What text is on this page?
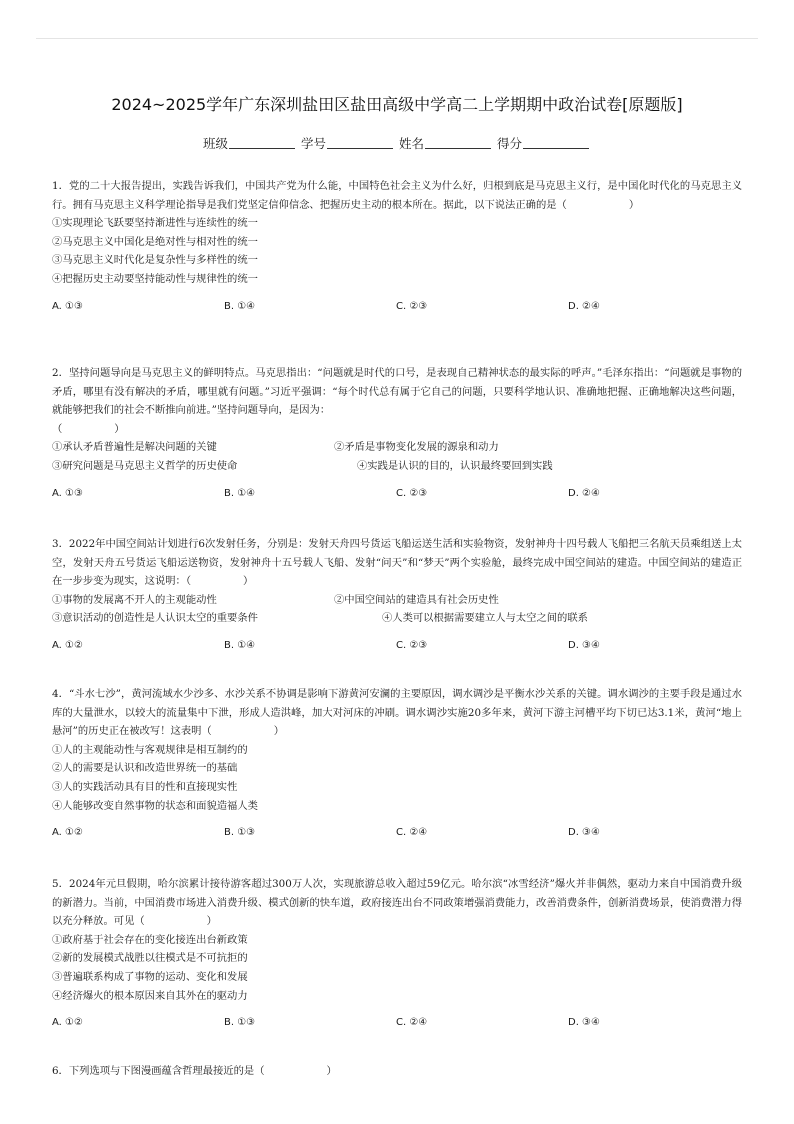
2024~2025学年广东深圳盐田区盐田高级中学高二上学期期中政治试卷[原题版]
班级	学号	姓名	得分

1．党的二十大报告提出，实践告诉我们，中国共产党为什么能，中国特色社会主义为什么好，归根到底是马克思主义行，是中国化时代化的马克思主义行。拥有马克思主义科学理论指导是我们党坚定信仰信念、把握历史主动的根本所在。据此，以下说法正确的是（	）

①实现理论飞跃要坚持渐进性与连续性的统一

②马克思主义中国化是绝对性与相对性的统一

③马克思主义时代化是复杂性与多样性的统一

④把握历史主动要坚持能动性与规律性的统一

A. ①③	B. ①④	C. ②③	D. ②④

2．坚持问题导向是马克思主义的鲜明特点。马克思指出：“问题就是时代的口号，是表现自己精神状态的最实际的呼声。”毛泽东指出：“问题就是事物的矛盾，哪里有没有解决的矛盾，哪里就有问题。”习近平强调：“每个时代总有属于它自己的问题，只要科学地认识、准确地把握、正确地解决这些问题，就能够把我们的社会不断推向前进。”坚持问题导向，是因为：

（	）

①承认矛盾普遍性是解决问题的关键	②矛盾是事物变化发展的源泉和动力
③研究问题是马克思主义哲学的历史使命	④实践是认识的目的，认识最终要回到实践
A. ①③	B. ①④	C. ②③	D. ②④

3．2022年中国空间站计划进行6次发射任务，分别是：发射天舟四号货运飞船运送生活和实验物资，发射神舟十四号载人飞船把三名航天员乘组送上太空，发射天舟五号货运飞船运送物资，发射神舟十五号载人飞船、发射“问天”和“梦天”两个实验舱，最终完成中国空间站的建造。中国空间站的建造正在一步步变为现实，这说明：（	）

①事物的发展离不开人的主观能动性	②中国空间站的建造具有社会历史性
③意识活动的创造性是人认识太空的重要条件	④人类可以根据需要建立人与太空之间的联系
A. ①②	B. ①④	C. ②③	D. ③④

4．“斗水七沙”，黄河流域水少沙多、水沙关系不协调是影响下游黄河安澜的主要原因，调水调沙是平衡水沙关系的关键。调水调沙的主要手段是通过水库的大量泄水，以较大的流量集中下泄，形成人造洪峰，加大对河床的冲刷。调水调沙实施20多年来，黄河下游主河槽平均下切已达3.1米，黄河“地上悬河”的历史正在被改写！这表明（	）

①人的主观能动性与客观规律是相互制约的

②人的需要是认识和改造世界统一的基础

③人的实践活动具有目的性和直接现实性

④人能够改变自然事物的状态和面貌造福人类

A. ①②	B. ①③	C. ②④	D. ③④

5．2024年元旦假期，哈尔滨累计接待游客超过300万人次，实现旅游总收入超过59亿元。哈尔滨“冰雪经济”爆火并非偶然，驱动力来自中国消费升级的新潜力。当前，中国消费市场进入消费升级、模式创新的快车道，政府接连出台不同政策增强消费能力，改善消费条件，创新消费场景，使消费潜力得以充分释放。可见（	）

①政府基于社会存在的变化接连出台新政策

②新的发展模式战胜以往模式是不可抗拒的

③普遍联系构成了事物的运动、变化和发展

④经济爆火的根本原因来自其外在的驱动力

A. ①②	B. ①③	C. ②④	D. ③④

6．下列选项与下图漫画蕴含哲理最接近的是（	）
